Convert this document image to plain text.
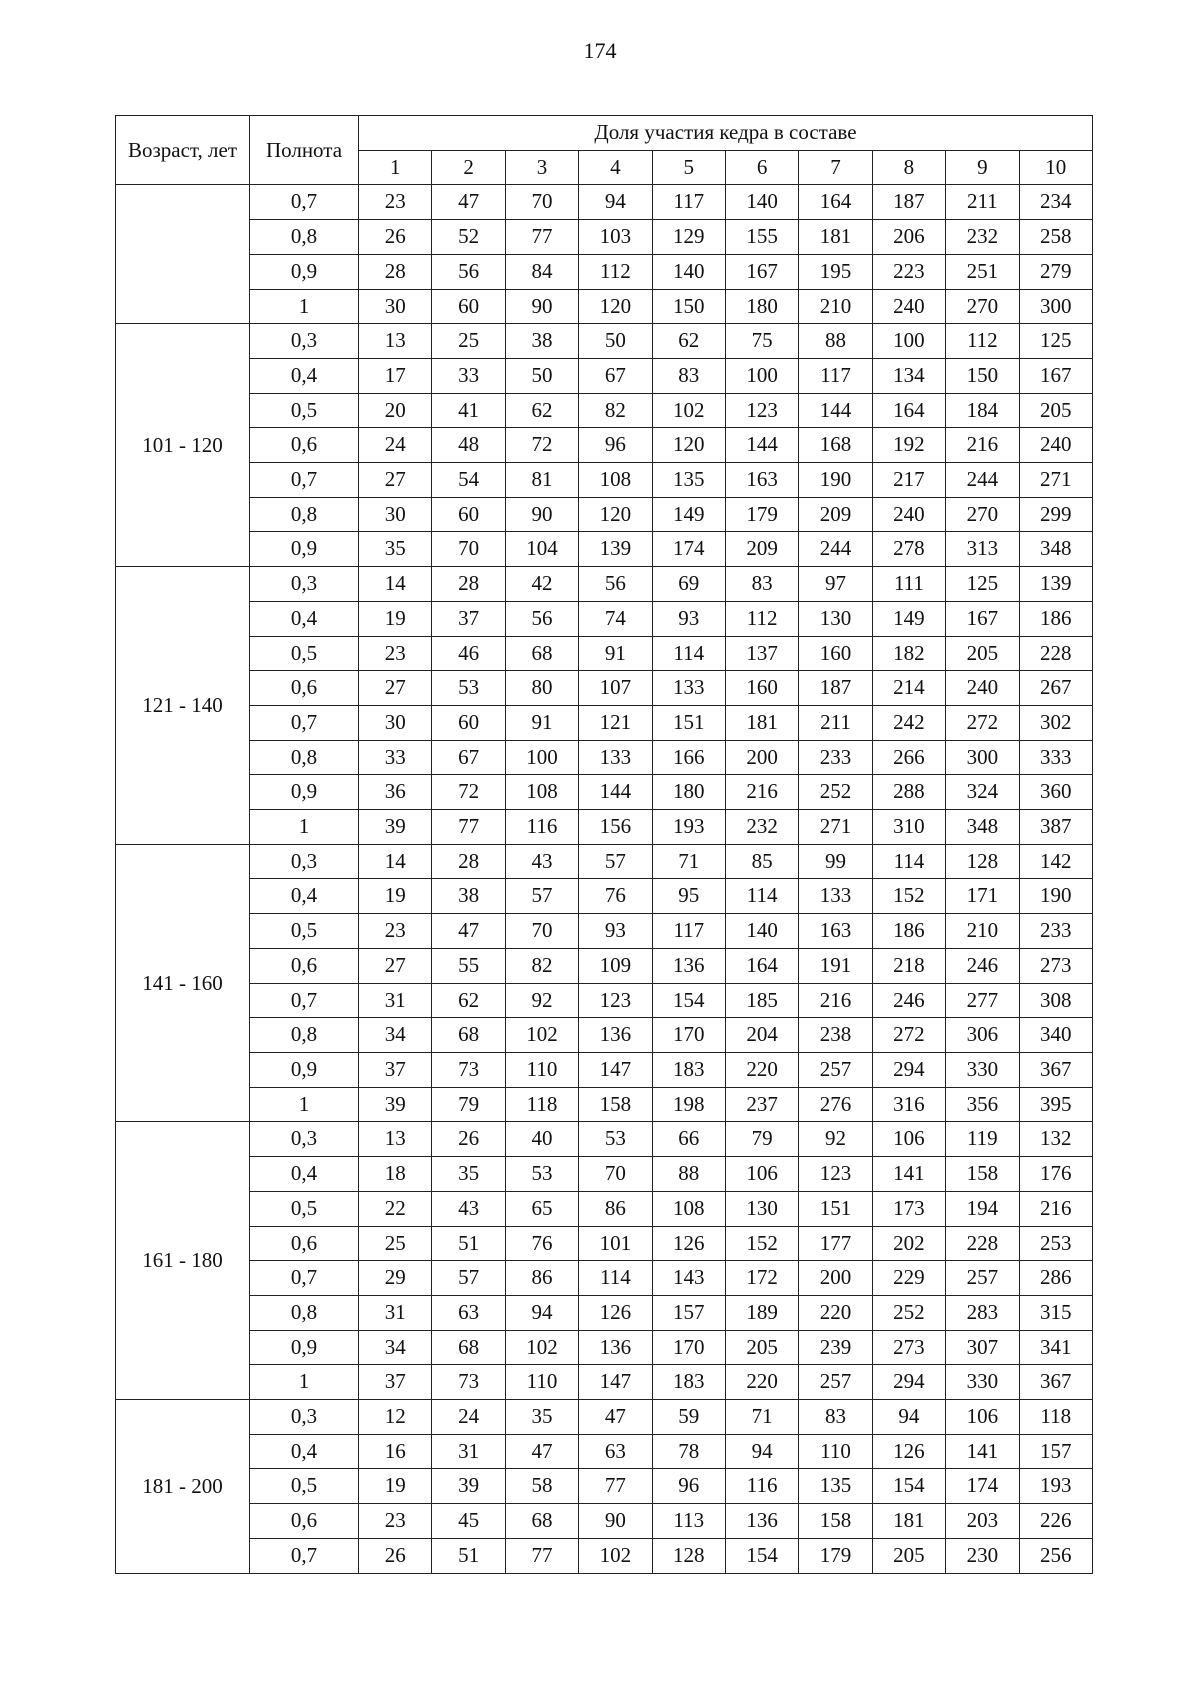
174
Возраст, лет	Полнота	Доля участия кедра в составе									
		1	2	3	4	5	6	7	8	9	10
	0,7	23	47	70	94	117	140	164	187	211	234
	0,8	26	52	77	103	129	155	181	206	232	258
	0,9	28	56	84	112	140	167	195	223	251	279
	1	30	60	90	120	150	180	210	240	270	300
101 - 120	0,3	13	25	38	50	62	75	88	100	112	125
	0,4	17	33	50	67	83	100	117	134	150	167
	0,5	20	41	62	82	102	123	144	164	184	205
	0,6	24	48	72	96	120	144	168	192	216	240
	0,7	27	54	81	108	135	163	190	217	244	271
	0,8	30	60	90	120	149	179	209	240	270	299
	0,9	35	70	104	139	174	209	244	278	313	348
121 - 140	0,3	14	28	42	56	69	83	97	111	125	139
	0,4	19	37	56	74	93	112	130	149	167	186
	0,5	23	46	68	91	114	137	160	182	205	228
	0,6	27	53	80	107	133	160	187	214	240	267
	0,7	30	60	91	121	151	181	211	242	272	302
	0,8	33	67	100	133	166	200	233	266	300	333
	0,9	36	72	108	144	180	216	252	288	324	360
	1	39	77	116	156	193	232	271	310	348	387
141 - 160	0,3	14	28	43	57	71	85	99	114	128	142
	0,4	19	38	57	76	95	114	133	152	171	190
	0,5	23	47	70	93	117	140	163	186	210	233
	0,6	27	55	82	109	136	164	191	218	246	273
	0,7	31	62	92	123	154	185	216	246	277	308
	0,8	34	68	102	136	170	204	238	272	306	340
	0,9	37	73	110	147	183	220	257	294	330	367
	1	39	79	118	158	198	237	276	316	356	395
161 - 180	0,3	13	26	40	53	66	79	92	106	119	132
	0,4	18	35	53	70	88	106	123	141	158	176
	0,5	22	43	65	86	108	130	151	173	194	216
	0,6	25	51	76	101	126	152	177	202	228	253
	0,7	29	57	86	114	143	172	200	229	257	286
	0,8	31	63	94	126	157	189	220	252	283	315
	0,9	34	68	102	136	170	205	239	273	307	341
	1	37	73	110	147	183	220	257	294	330	367
181 - 200	0,3	12	24	35	47	59	71	83	94	106	118
	0,4	16	31	47	63	78	94	110	126	141	157
	0,5	19	39	58	77	96	116	135	154	174	193
	0,6	23	45	68	90	113	136	158	181	203	226
	0,7	26	51	77	102	128	154	179	205	230	256
